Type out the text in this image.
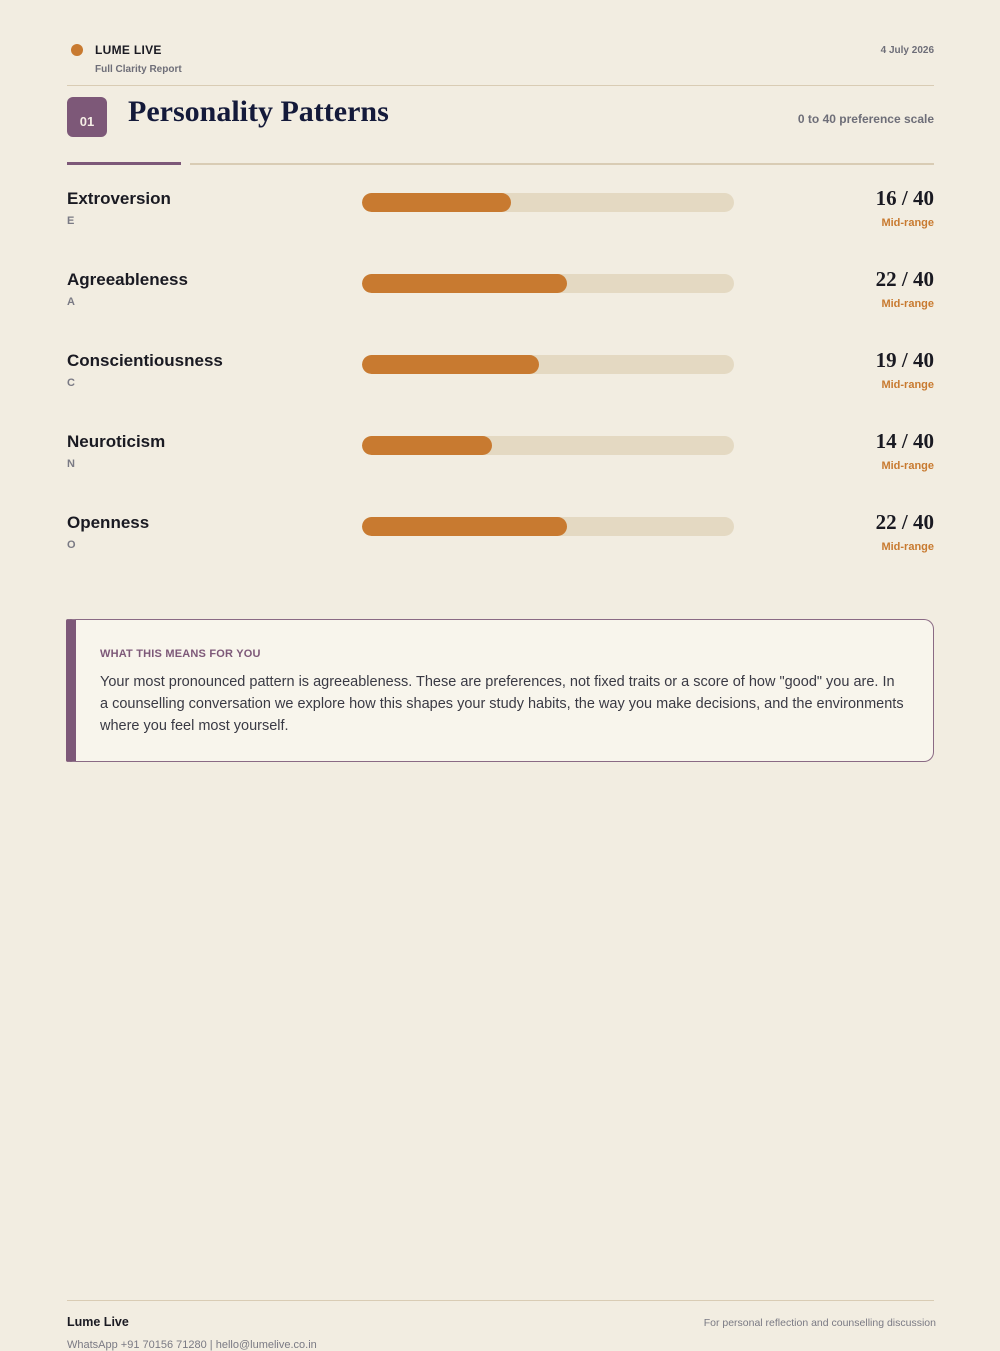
LUME LIVE
Full Clarity Report
4 July 2026
01	Personality Patterns	0 to 40 preference scale
Extroversion
E
16 / 40
Mid-range
Agreeableness
A
22 / 40
Mid-range
Conscientiousness
C
19 / 40
Mid-range
Neuroticism
N
14 / 40
Mid-range
Openness
O
22 / 40
Mid-range
WHAT THIS MEANS FOR YOU

Your most pronounced pattern is agreeableness. These are preferences, not fixed traits or a score of how "good" you are. In a counselling conversation we explore how this shapes your study habits, the way you make decisions, and the environments where you feel most yourself.

Lume Live
WhatsApp +91 70156 71280 | hello@lumelive.co.in
For personal reflection and counselling discussion
